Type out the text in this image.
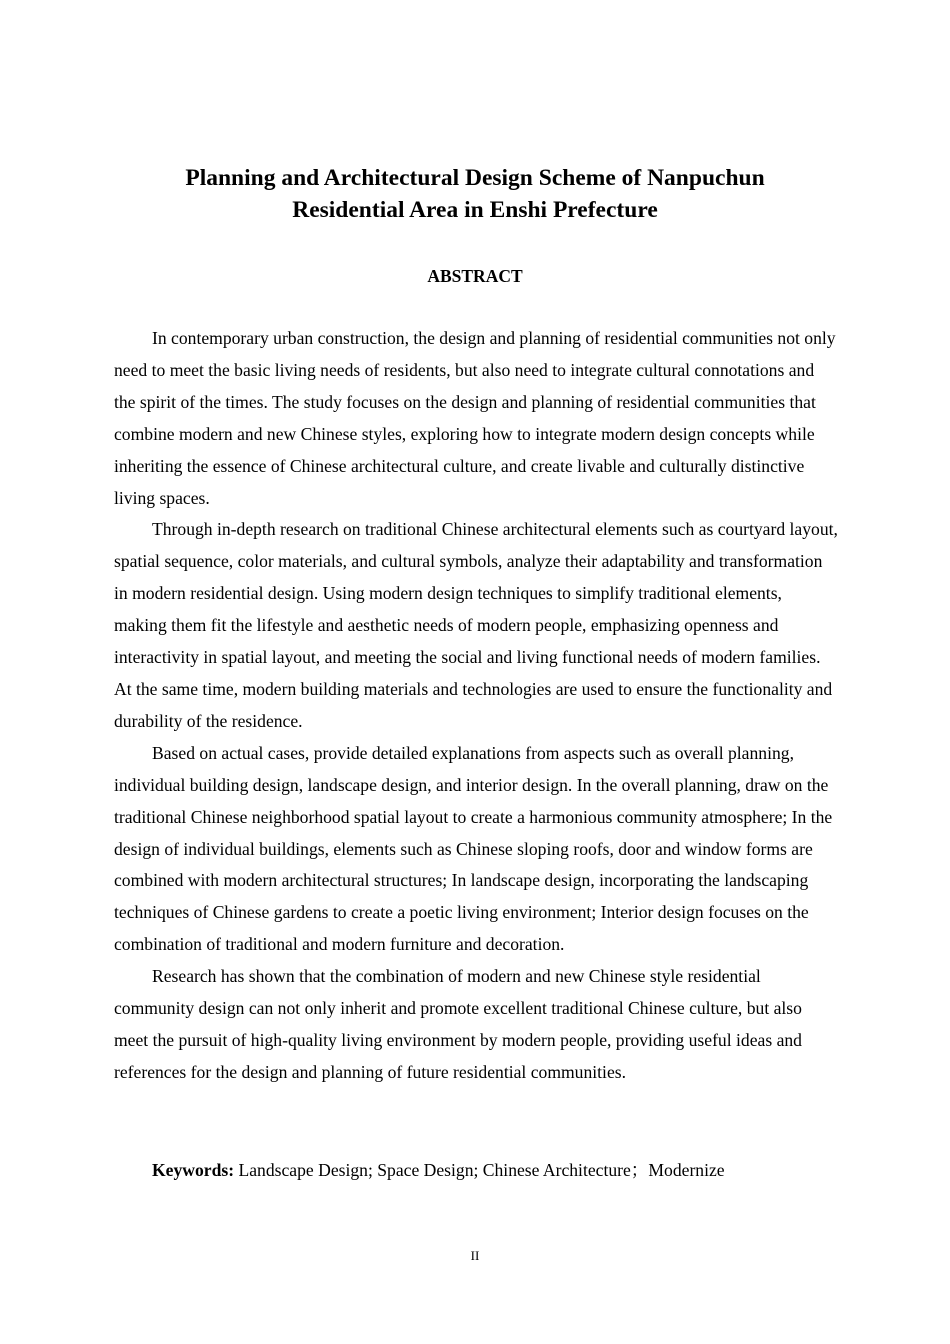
Planning and Architectural Design Scheme of Nanpuchun
Residential Area in Enshi Prefecture
ABSTRACT

In contemporary urban construction, the design and planning of residential communities not only need to meet the basic living needs of residents, but also need to integrate cultural connotations and the spirit of the times. The study focuses on the design and planning of residential communities that combine modern and new Chinese styles, exploring how to integrate modern design concepts while inheriting the essence of Chinese architectural culture, and create livable and culturally distinctive living spaces.

Through in-depth research on traditional Chinese architectural elements such as courtyard layout, spatial sequence, color materials, and cultural symbols, analyze their adaptability and transformation in modern residential design. Using modern design techniques to simplify traditional elements, making them fit the lifestyle and aesthetic needs of modern people, emphasizing openness and interactivity in spatial layout, and meeting the social and living functional needs of modern families. At the same time, modern building materials and technologies are used to ensure the functionality and durability of the residence.

Based on actual cases, provide detailed explanations from aspects such as overall planning, individual building design, landscape design, and interior design. In the overall planning, draw on the traditional Chinese neighborhood spatial layout to create a harmonious community atmosphere; In the design of individual buildings, elements such as Chinese sloping roofs, door and window forms are combined with modern architectural structures; In landscape design, incorporating the landscaping techniques of Chinese gardens to create a poetic living environment; Interior design focuses on the combination of traditional and modern furniture and decoration.

Research has shown that the combination of modern and new Chinese style residential community design can not only inherit and promote excellent traditional Chinese culture, but also meet the pursuit of high-quality living environment by modern people, providing useful ideas and references for the design and planning of future residential communities.

Keywords: Landscape Design; Space Design; Chinese Architecture；Modernize

II
